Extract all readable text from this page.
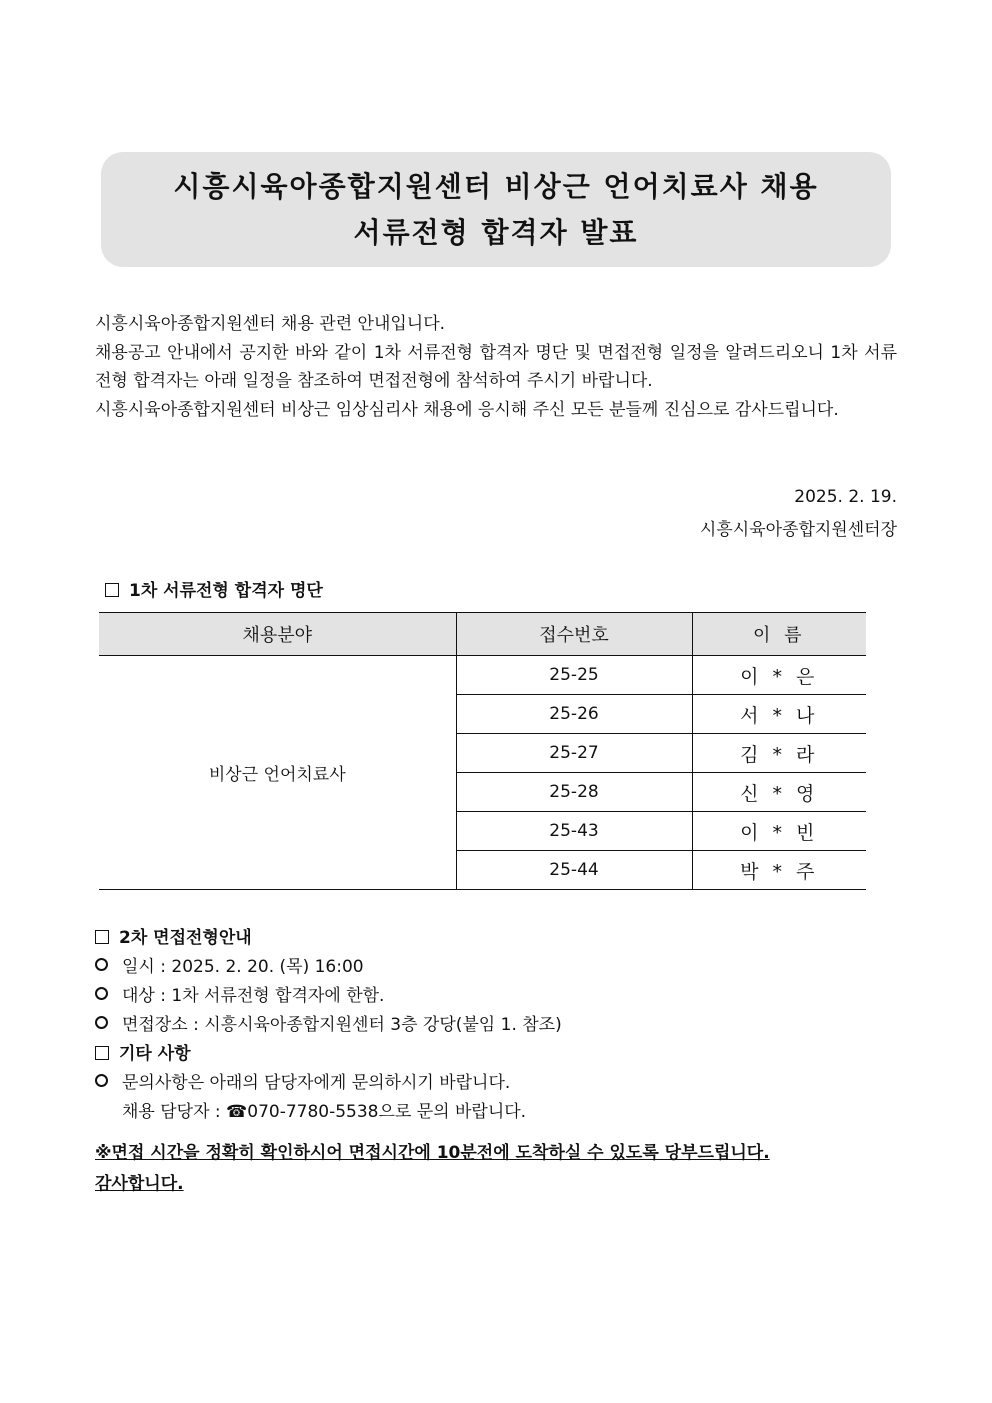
시흥시육아종합지원센터 비상근 언어치료사 채용
서류전형 합격자 발표

시흥시육아종합지원센터 채용 관련 안내입니다.

채용공고 안내에서 공지한 바와 같이 1차 서류전형 합격자 명단 및 면접전형 일정을 알려드리오니 1차 서류전형 합격자는 아래 일정을 참조하여 면접전형에 참석하여 주시기 바랍니다.

시흥시육아종합지원센터 비상근 임상심리사 채용에 응시해 주신 모든 분들께 진심으로 감사드립니다.

2025. 2. 19.
시흥시육아종합지원센터장
1차 서류전형 합격자 명단
채용분야	접수번호	이 름
비상근 언어치료사	25-25	이 * 은
	25-26	서 * 나
	25-27	김 * 라
	25-28	신 * 영
	25-43	이 * 빈
	25-44	박 * 주
2차 면접전형안내
일시 : 2025. 2. 20. (목) 16:00
대상 : 1차 서류전형 합격자에 한함.
면접장소 : 시흥시육아종합지원센터 3층 강당(붙임 1. 참조)
기타 사항
문의사항은 아래의 담당자에게 문의하시기 바랍니다.
채용 담당자 : ☎070-7780-5538으로 문의 바랍니다.

※면접 시간을 정확히 확인하시어 면접시간에 10분전에 도착하실 수 있도록 당부드립니다.

감사합니다.
